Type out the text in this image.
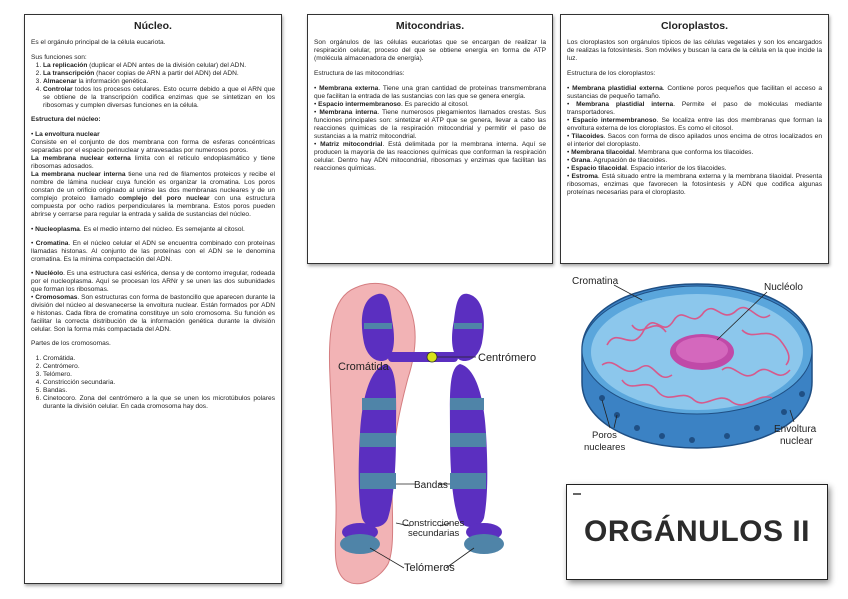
Núcleo.

Es el orgánulo principal de la célula eucariota.

Sus funciones son:
1. La replicación (duplicar el ADN antes de la división celular) del ADN.
2. La transcripción (hacer copias de ARN a partir del ADN) del ADN.
3. Almacenar la información genética.
4. Controlar todos los procesos celulares. Esto ocurre debido a que el ARN que se obtiene de la transcripción codifica enzimas que se sintetizan en los ribosomas y cumplen diversas funciones en la célula.

Estructura del núcleo:

• La envoltura nuclear
Consiste en el conjunto de dos membrana con forma de esferas concéntricas separadas por el espacio perinuclear y atravesadas por numerosos poros.
La membrana nuclear externa limita con el retículo endoplasmático y tiene ribosomas adosados.

La membrana nuclear interna tiene una red de filamentos proteicos y recibe el nombre de lámina nuclear cuya función es organizar la cromatina. Los poros constan de un orificio originado al unirse las dos membranas nucleares y de un complejo proteico llamado complejo del poro nuclear con una estructura compuesta por ocho radios perpendiculares la membrana. Estos poros pueden abrirse y cerrarse para regular la entrada y salida de sustancias del núcleo.

• Nucleoplasma. Es el medio interno del núcleo. Es semejante al citosol.
• Cromatina. En el núcleo celular el ADN se encuentra combinado con proteínas llamadas histonas. Al conjunto de las proteínas con el ADN se le denomina cromatina. Es la mínima compactación del ADN.
• Nucléolo. Es una estructura casi esférica, densa y de contorno irregular, rodeada por el nucleoplasma. Aquí se procesan los ARNr y se unen las dos subunidades que forman los ribosomas.
• Cromosomas. Son estructuras con forma de bastoncillo que aparecen durante la división del núcleo al desvanecerse la envoltura nuclear. Están formados por ADN e histonas. Cada fibra de cromatina constituye un solo cromosoma. Su función es facilitar la correcta distribución de la información genética durante la división celular. Son la forma más compactada del ADN.

Partes de los cromosomas.

1. Cromátida.
2. Centrómero.
3. Telómero.
4. Constricción secundaria.
5. Bandas.
6. Cinetocoro. Zona del centrómero a la que se unen los microtúbulos polares durante la división celular. En cada cromosoma hay dos.
Mitocondrias.

Son orgánulos de las células eucariotas que se encargan de realizar la respiración celular, proceso del que se obtiene energía en forma de ATP (molécula almacenadora de energía).

Estructura de las mitocondrias:

• Membrana externa. Tiene una gran cantidad de proteínas transmembrana que facilitan la entrada de las sustancias con las que se genera energía.
• Espacio intermembranoso. Es parecido al citosol.
• Membrana interna. Tiene numerosos plegamientos llamados crestas. Sus funciones principales son: sintetizar el ATP que se genera, llevar a cabo las reacciones químicas de la respiración mitocondrial y permitir el paso de sustancias a la matriz mitocondrial.
• Matriz mitocondrial. Está delimitada por la membrana interna. Aquí se producen la mayoría de las reacciones químicas que conforman la respiración celular. Dentro hay ADN mitocondrial, ribosomas y enzimas que facilitan las reacciones químicas.
Cloroplastos.

Los cloroplastos son orgánulos típicos de las células vegetales y son los encargados de realizas la fotosíntesis. Son móviles y buscan la cara de la célula en la que incide la luz.

Estructura de los cloroplastos:

• Membrana plastidial externa. Contiene poros pequeños que facilitan el acceso a sustancias de pequeño tamaño.
• Membrana plastidial interna. Permite el paso de moléculas mediante transportadores.
• Espacio intermembranoso. Se localiza entre las dos membranas que forman la envoltura externa de los cloroplastos. Es como el citosol.
• Tilacoides. Sacos con forma de disco apilados unos encima de otros localizados en el interior del cloroplasto.
• Membrana tilacoidal. Membrana que conforma los tilacoides.
• Grana. Agrupación de tilacoides.
• Espacio tilacoidal. Espacio interior de los tilacoides.
• Estroma. Está situado entre la membrana externa y la membrana tilaoidal. Presenta ribosomas, enzimas que favorecen la fotosíntesis y ADN que codifica algunas proteínas necesarias para el cloroplasto.
Cromátida
Centrómero
Bandas
Constricciones
secundarias
Telómeros
Cromatina
Nucléolo
Poros
nucleares
Envoltura
nuclear
ORGÁNULOS II
